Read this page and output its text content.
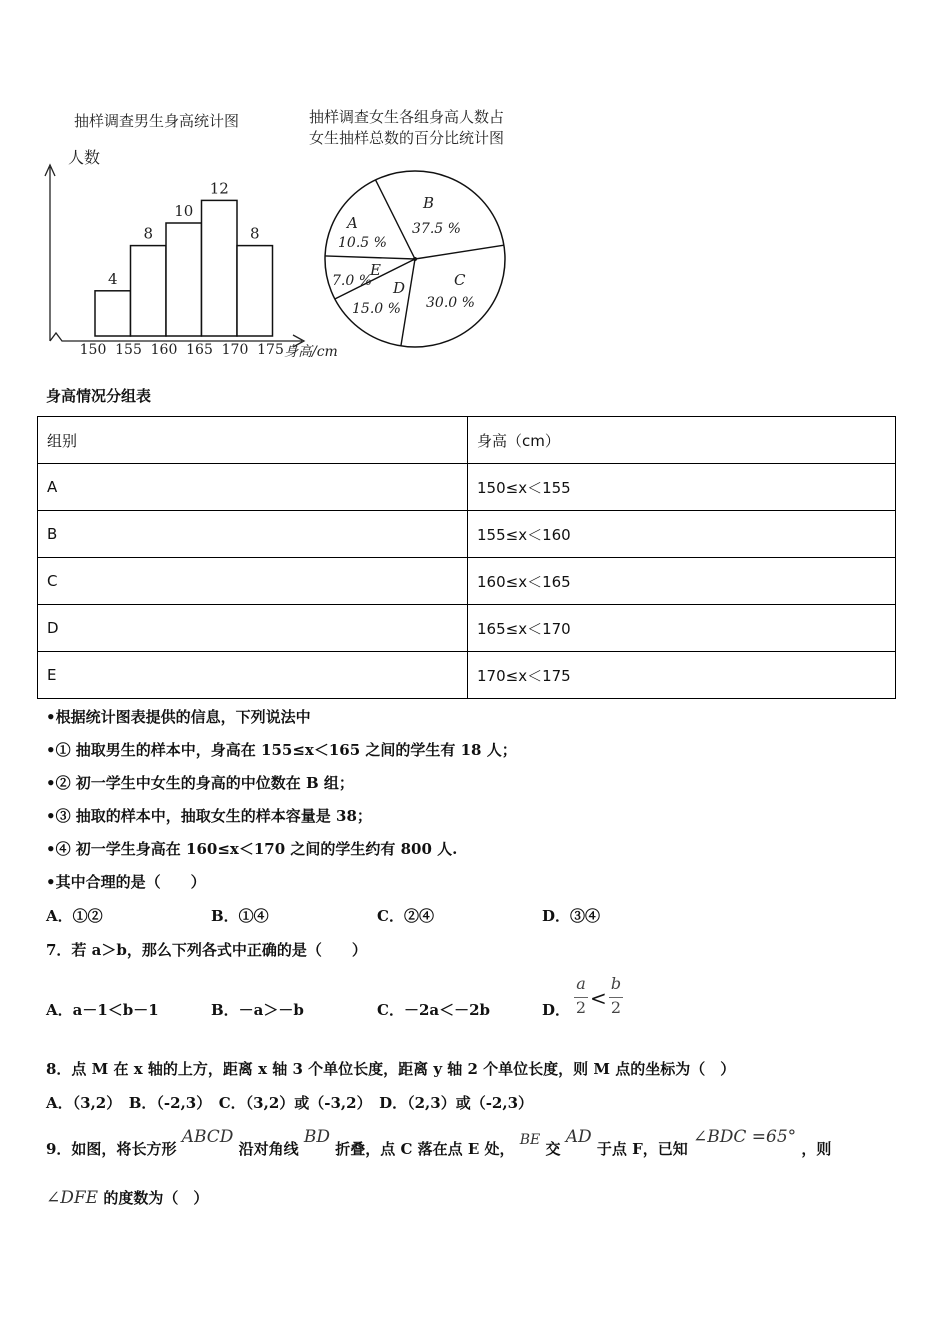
抽样调查男生身高统计图
4
8
10
12
8
150 155 160 165 170 175
人数
身高/cm
抽样调查女生各组身高人数占
女生抽样总数的百分比统计图
A
10.5 %
B
37.5 %
C
30.0 %
D
15.0 %
E
7.0 %
身高情况分组表
组别	身高（cm）
A	150≤x＜155
B	155≤x＜160
C	160≤x＜165
D	165≤x＜170
E	170≤x＜175
•根据统计图表提供的信息，下列说法中
•① 抽取男生的样本中，身高在 155≤x＜165 之间的学生有 18 人；
•② 初一学生中女生的身高的中位数在 B 组；
•③ 抽取的样本中，抽取女生的样本容量是 38；
•④ 初一学生身高在 160≤x＜170 之间的学生约有 800 人.
•其中合理的是（　　）
A．①②	B．①④	C．②④	D．③④
7．若 a＞b，那么下列各式中正确的是（　　）
A．a－1＜b－1	B．－a＞－b	C．－2a＜－2b	D．
a
2 <
b
2
8．点 M 在 x 轴的上方，距离 x 轴 3 个单位长度，距离 y 轴 2 个单位长度，则 M 点的坐标为（　）
A．（3,2）　B．（-2,3）　C．（3,2）或（-3,2）　D．（2,3）或（-2,3）
9．如图，将长方形 ABCD 沿对角线 BD 折叠，点 C 落在点 E 处， BE 交 AD 于点 F，已知 ∠BDC =65° ，则
∠DFE 的度数为（　）
